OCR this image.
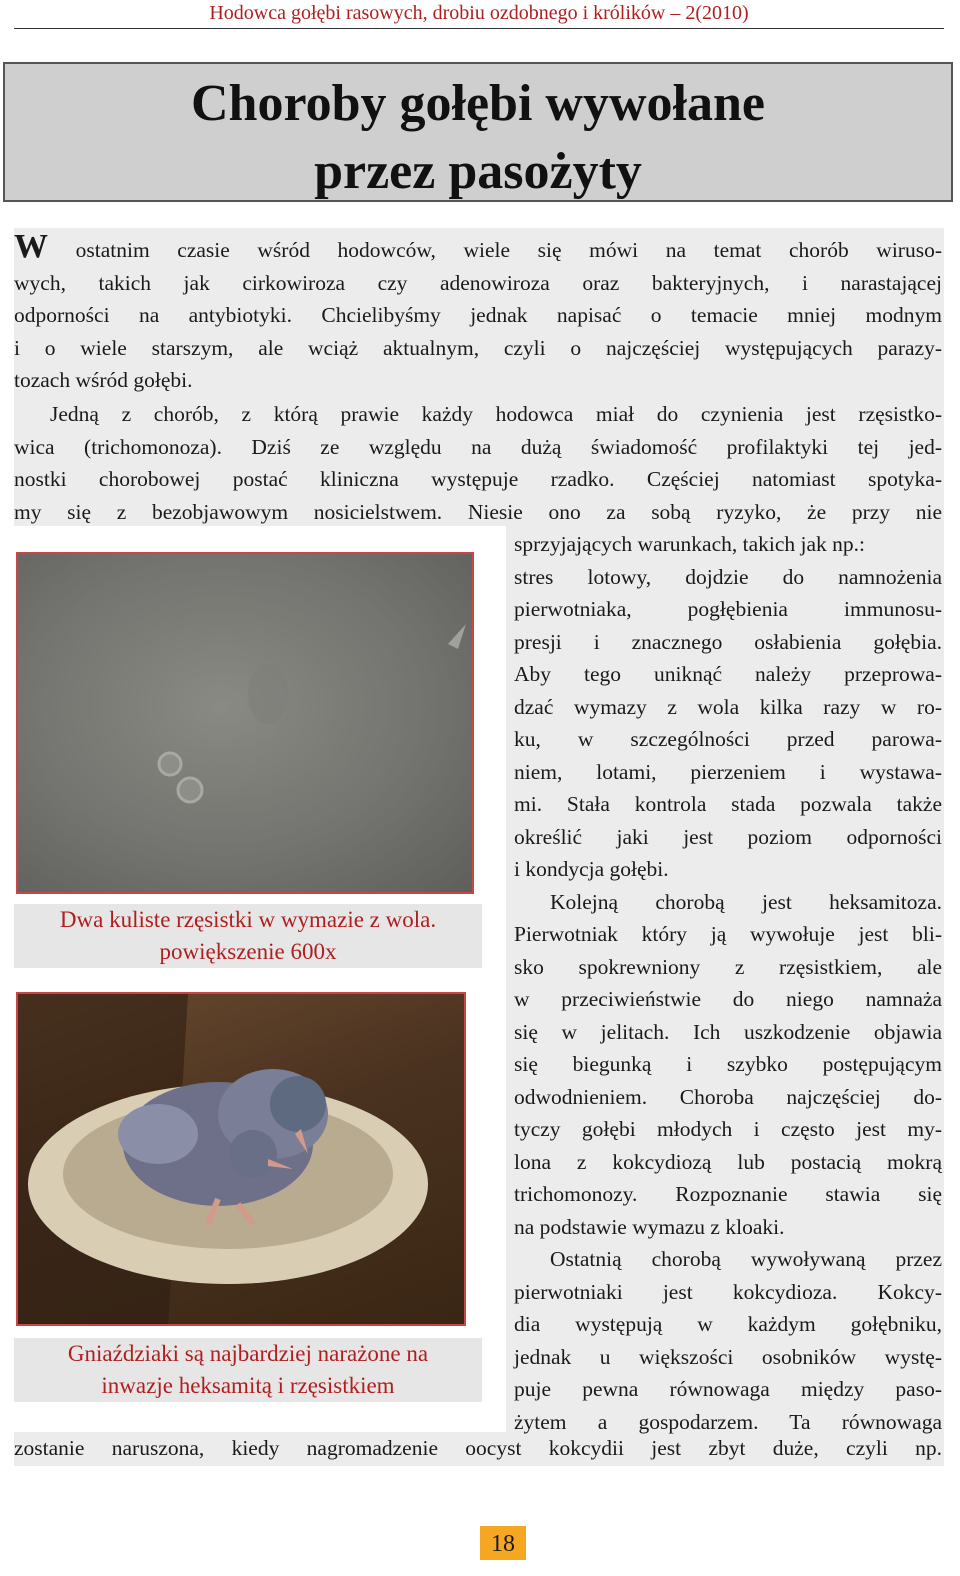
Hodowca gołębi rasowych, drobiu ozdobnego i królików – 2(2010)
Choroby gołębi wywołane
przez pasożyty
W ostatnim czasie wśród hodowców, wiele się mówi na temat chorób wiruso-
wych, takich jak cirkowiroza czy adenowiroza oraz bakteryjnych, i narastającej
odporności na antybiotyki. Chcielibyśmy jednak napisać o temacie mniej modnym
i o wiele starszym, ale wciąż aktualnym, czyli o najczęściej występujących parazy-
tozach wśród gołębi.
Jedną z chorób, z którą prawie każdy hodowca miał do czynienia jest rzęsistko-
wica (trichomonoza). Dziś ze względu na dużą świadomość profilaktyki tej jed-
nostki chorobowej postać kliniczna występuje rzadko. Częściej natomiast spotyka-
my się z bezobjawowym nosicielstwem. Niesie ono za sobą ryzyko, że przy nie
sprzyjających warunkach, takich jak np.:
stres lotowy, dojdzie do namnożenia
pierwotniaka, pogłębienia immunosu-
presji i znacznego osłabienia gołębia.
Aby tego uniknąć należy przeprowa-
dzać wymazy z wola kilka razy w ro-
ku, w szczególności przed parowa-
niem, lotami, pierzeniem i wystawa-
mi. Stała kontrola stada pozwala także
określić jaki jest poziom odporności
i kondycja gołębi.
Kolejną chorobą jest heksamitoza.
Pierwotniak który ją wywołuje jest bli-
sko spokrewniony z rzęsistkiem, ale
w przeciwieństwie do niego namnaża
się w jelitach. Ich uszkodzenie objawia
się biegunką i szybko postępującym
odwodnieniem. Choroba najczęściej do-
tyczy gołębi młodych i często jest my-
lona z kokcydiozą lub postacią mokrą
trichomonozy. Rozpoznanie stawia się
na podstawie wymazu z kloaki.
Ostatnią chorobą wywoływaną przez
pierwotniaki jest kokcydioza. Kokcy-
dia występują w każdym gołębniku,
jednak u większości osobników wystę-
puje pewna równowaga między paso-
żytem a gospodarzem. Ta równowaga
zostanie naruszona, kiedy nagromadzenie oocyst kokcydii jest zbyt duże, czyli np.
Dwa kuliste rzęsistki w wymazie z wola.
powiększenie 600x
Gniaździaki są najbardziej narażone na
inwazje heksamitą i rzęsistkiem
18
